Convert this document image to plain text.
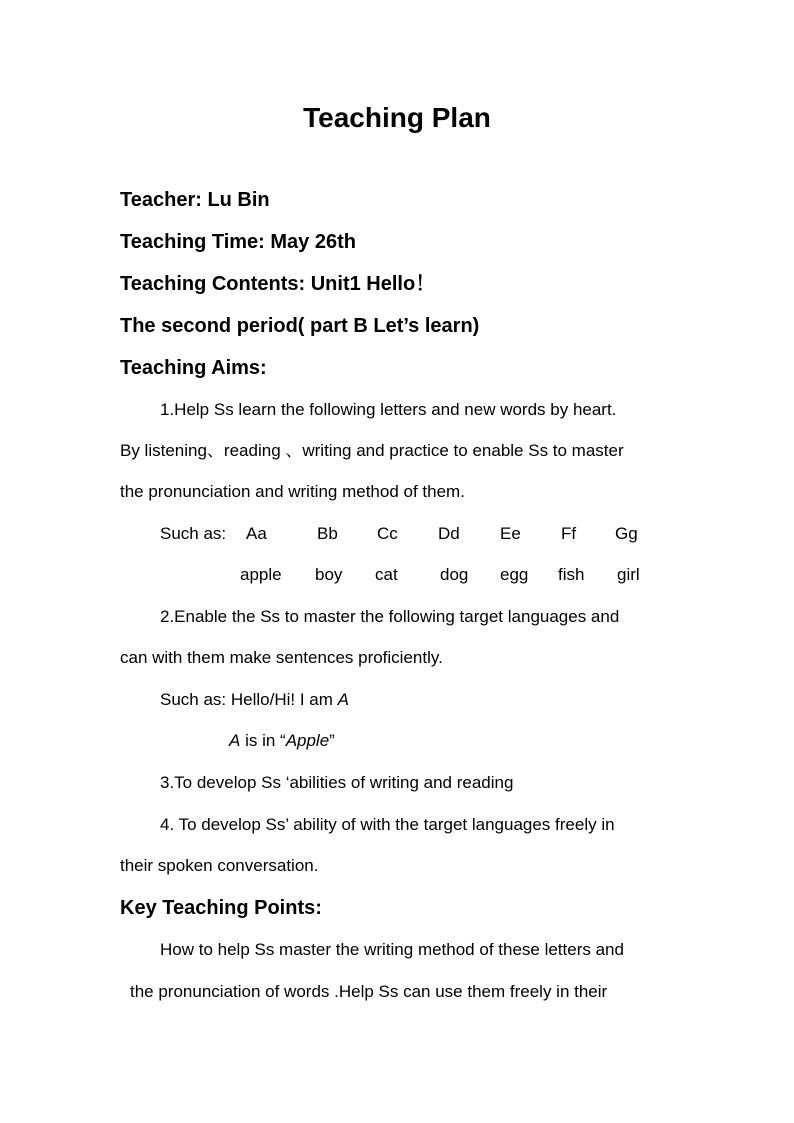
Teaching Plan
Teacher: Lu Bin
Teaching Time: May 26th
Teaching Contents: Unit1 Hello！
The second period( part B Let’s learn)
Teaching Aims:
1.Help Ss learn the following letters and new words by heart.
By listening、reading 、writing and practice to enable Ss to master
the pronunciation and writing method of them.
Such as: Aa	Bb Cc Dd Ee Ff Gg
apple boy cat dog egg fish girl
2.Enable the Ss to master the following target languages and
can with them make sentences proficiently.
Such as: Hello/Hi! I am A
A is in “Apple”
3.To develop Ss ‘abilities of writing and reading
4. To develop Ss’ ability of with the target languages freely in
their spoken conversation.
Key Teaching Points:
How to help Ss master the writing method of these letters and
the pronunciation of words .Help Ss can use them freely in their
